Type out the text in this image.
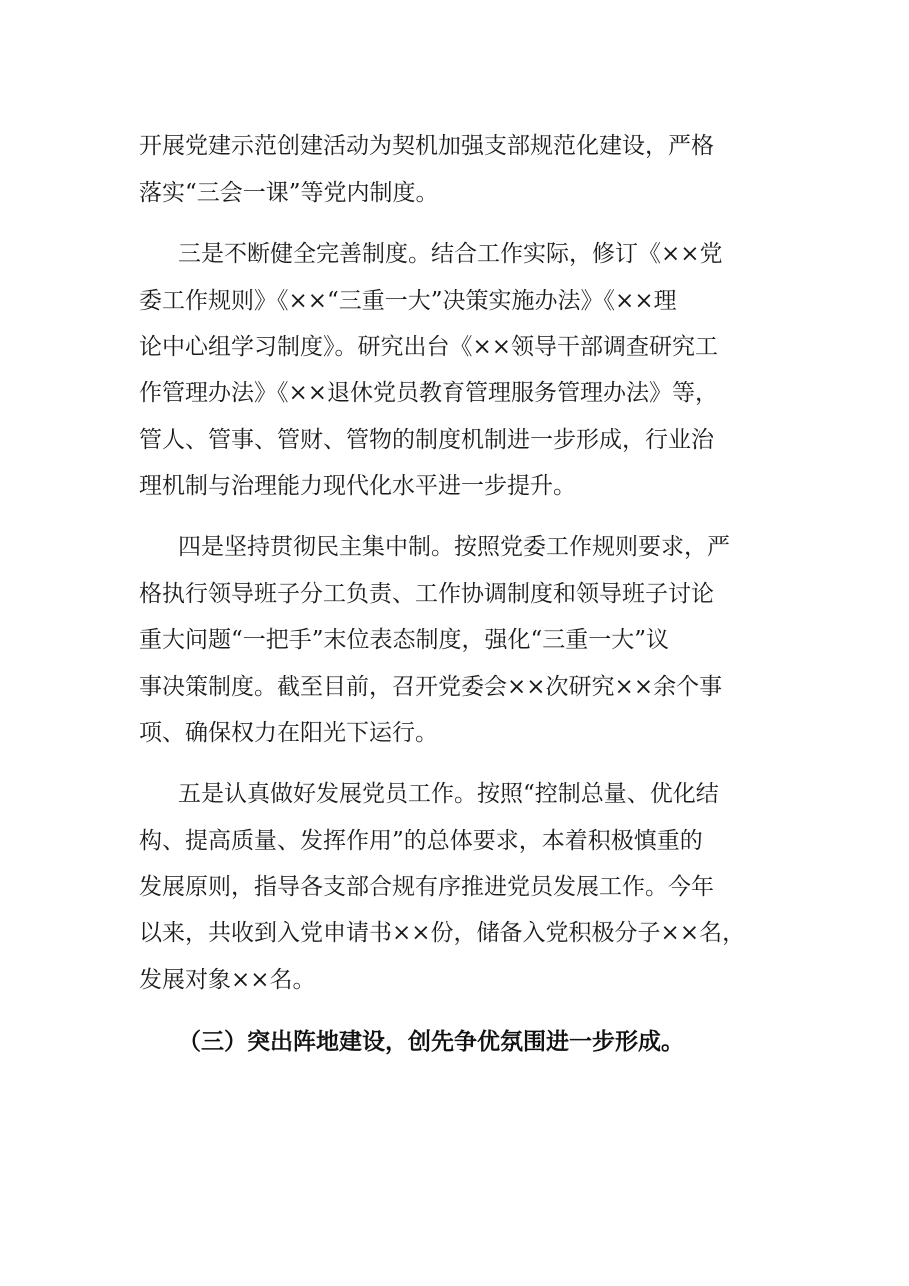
开展党建示范创建活动为契机加强支部规范化建设，严格
落实“三会一课”等党内制度。
三是不断健全完善制度。结合工作实际，修订《××党
委工作规则》《××“三重一大”决策实施办法》《××理
论中心组学习制度》。研究出台《××领导干部调查研究工
作管理办法》《××退休党员教育管理服务管理办法》等，
管人、管事、管财、管物的制度机制进一步形成，行业治
理机制与治理能力现代化水平进一步提升。
四是坚持贯彻民主集中制。按照党委工作规则要求，严
格执行领导班子分工负责、工作协调制度和领导班子讨论
重大问题“一把手”末位表态制度，强化“三重一大”议
事决策制度。截至目前，召开党委会××次研究××余个事
项、确保权力在阳光下运行。
五是认真做好发展党员工作。按照“控制总量、优化结
构、提高质量、发挥作用”的总体要求，本着积极慎重的
发展原则，指导各支部合规有序推进党员发展工作。今年
以来，共收到入党申请书××份，储备入党积极分子××名，
发展对象××名。
（三）突出阵地建设，创先争优氛围进一步形成。
